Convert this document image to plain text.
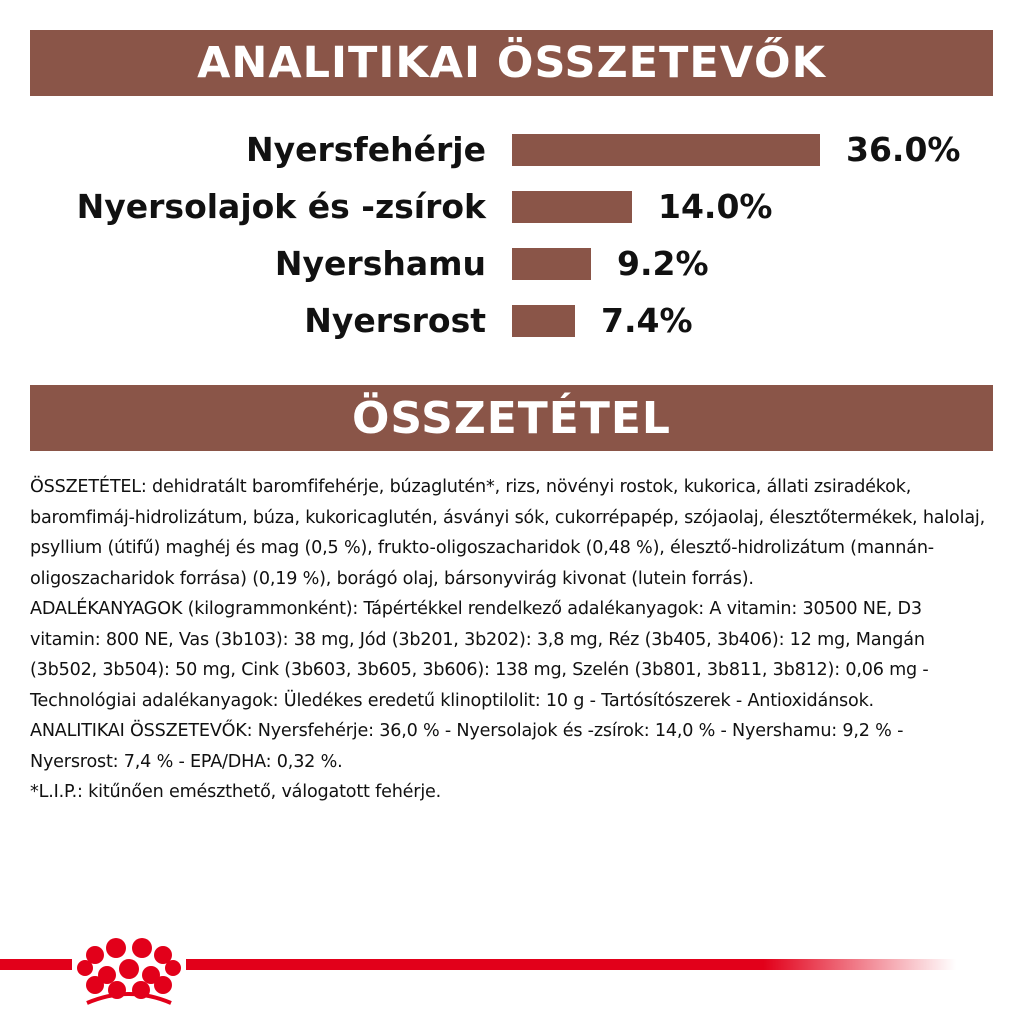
ANALITIKAI ÖSSZETEVŐK
Nyersfehérje	36.0%
Nyersolajok és -zsírok	14.0%
Nyershamu	9.2%
Nyersrost	7.4%
ÖSSZETÉTEL

ÖSSZETÉTEL: dehidratált baromfifehérje, búzaglutén*, rizs, növényi rostok, kukorica, állati zsiradékok, baromfimáj-hidrolizátum, búza, kukoricaglutén, ásványi sók, cukorrépapép, szójaolaj, élesztőtermékek, halolaj, psyllium (útifű) maghéj és mag (0,5 %), frukto-oligoszacharidok (0,48 %), élesztő-hidrolizátum (mannán-oligoszacharidok forrása) (0,19 %), borágó olaj, bársonyvirág kivonat (lutein forrás).

ADALÉKANYAGOK (kilogrammonként): Tápértékkel rendelkező adalékanyagok: A vitamin: 30500 NE, D3 vitamin: 800 NE, Vas (3b103): 38 mg, Jód (3b201, 3b202): 3,8 mg, Réz (3b405, 3b406): 12 mg, Mangán (3b502, 3b504): 50 mg, Cink (3b603, 3b605, 3b606): 138 mg, Szelén (3b801, 3b811, 3b812): 0,06 mg - Technológiai adalékanyagok: Üledékes eredetű klinoptilolit: 10 g - Tartósítószerek - Antioxidánsok.

ANALITIKAI ÖSSZETEVŐK: Nyersfehérje: 36,0 % - Nyersolajok és -zsírok: 14,0 % - Nyershamu: 9,2 % - Nyersrost: 7,4 % - EPA/DHA: 0,32 %.

*L.I.P.: kitűnően emészthető, válogatott fehérje.
